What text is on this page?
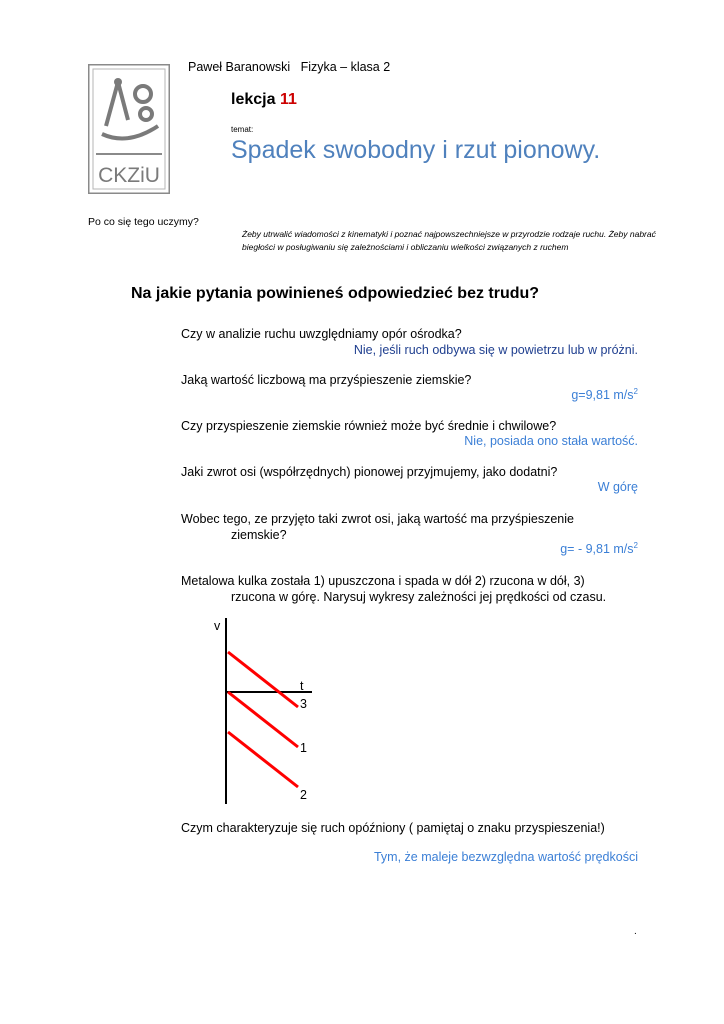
Paweł Baranowski Fizyka – klasa 2
CKZiU
lekcja 11
temat:
Spadek swobodny i rzut pionowy.
Po co się tego uczymy?
Żeby utrwalić wiadomości z kinematyki i poznać najpowszechniejsze w przyrodzie rodzaje ruchu. Żeby nabrać biegłości w posługiwaniu się zależnościami i obliczaniu wielkości związanych z ruchem
Na jakie pytania powinieneś odpowiedzieć bez trudu?
Czy w analizie ruchu uwzględniamy opór ośrodka?
Nie, jeśli ruch odbywa się w powietrzu lub w próżni.
Jaką wartość liczbową ma przyśpieszenie ziemskie?
g=9,81 $m/s^2$
Czy przyspieszenie ziemskie również może być średnie i chwilowe?
Nie, posiada ono stała wartość.
Jaki zwrot osi (współrzędnych) pionowej przyjmujemy, jako dodatni?
W górę
Wobec tego, ze przyjęto taki zwrot osi, jaką wartość ma przyśpieszenie
ziemskie?
g= - 9,81 $m/s^2$
Metalowa kulka została 1) upuszczona i spada w dół 2) rzucona w dół, 3)
rzucona w górę. Narysuj wykresy zależności jej prędkości od czasu.
v
t
3
1
2
Czym charakteryzuje się ruch opóźniony ( pamiętaj o znaku przyspieszenia!)
Tym, że maleje bezwzględna wartość prędkości
.
